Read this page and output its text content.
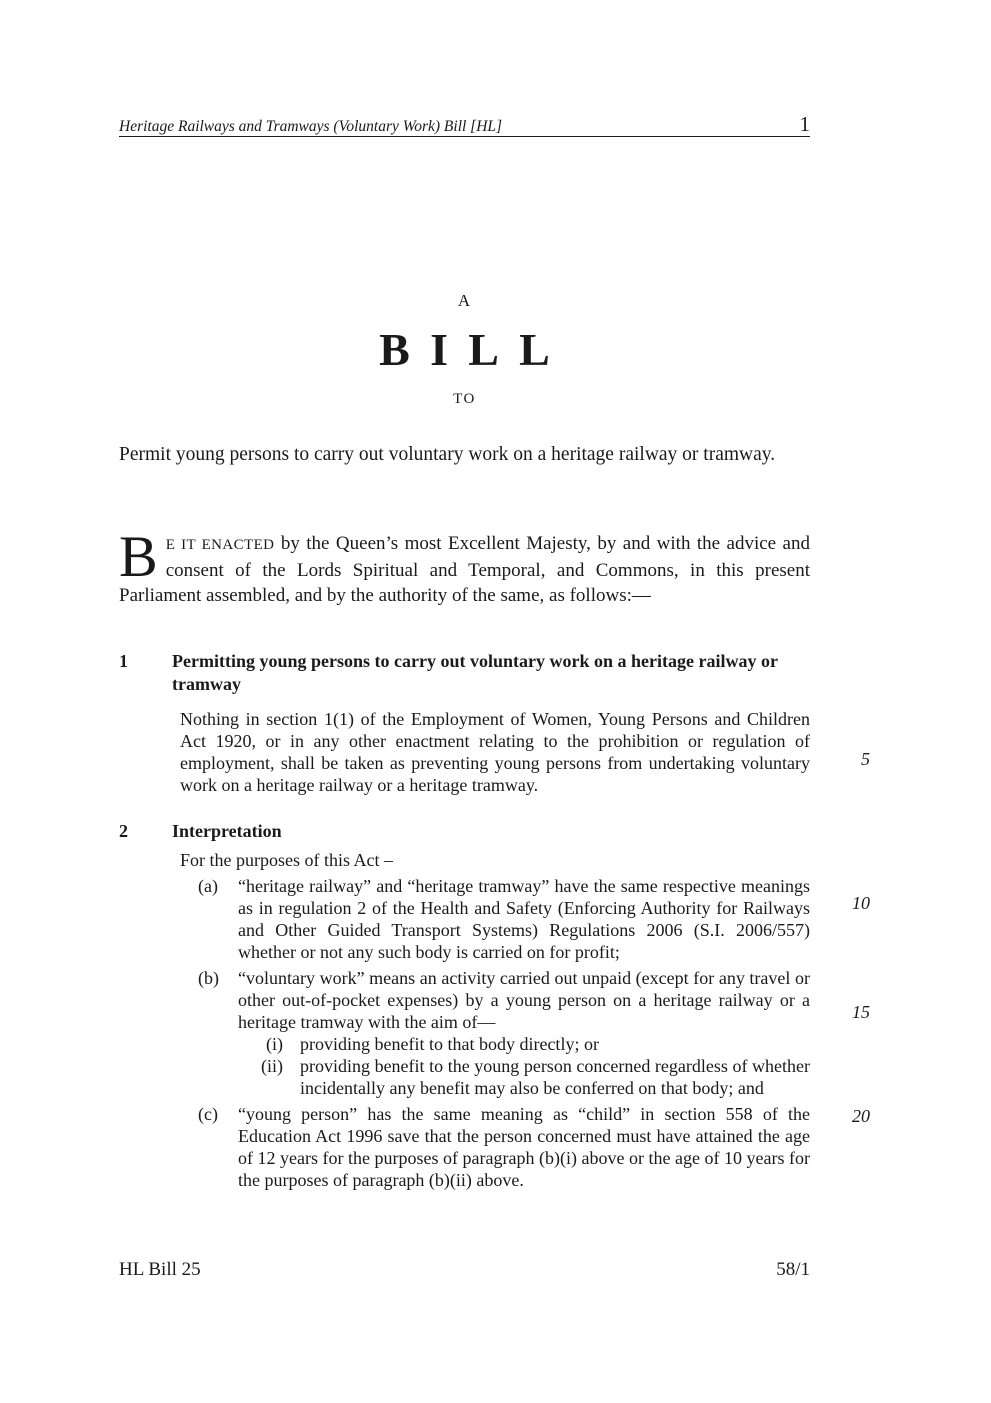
Heritage Railways and Tramways (Voluntary Work) Bill [HL]	1
A
BILL
TO
Permit young persons to carry out voluntary work on a heritage railway or tramway.
B E IT ENACTED by the Queen’s most Excellent Majesty, by and with the advice and consent of the Lords Spiritual and Temporal, and Commons, in this present Parliament assembled, and by the authority of the same, as follows:—
1	Permitting young persons to carry out voluntary work on a heritage railway or tramway
Nothing in section 1(1) of the Employment of Women, Young Persons and Children Act 1920, or in any other enactment relating to the prohibition or regulation of employment, shall be taken as preventing young persons from undertaking voluntary work on a heritage railway or a heritage tramway.
2	Interpretation
For the purposes of this Act –
(a)	“heritage railway” and “heritage tramway” have the same respective meanings as in regulation 2 of the Health and Safety (Enforcing Authority for Railways and Other Guided Transport Systems) Regulations 2006 (S.I. 2006/557) whether or not any such body is carried on for profit;
(b)	“voluntary work” means an activity carried out unpaid (except for any travel or other out-of-pocket expenses) by a young person on a heritage railway or a heritage tramway with the aim of—
(i) providing benefit to that body directly; or
(ii) providing benefit to the young person concerned regardless of whether incidentally any benefit may also be conferred on that body; and
(c)	“young person” has the same meaning as “child” in section 558 of the Education Act 1996 save that the person concerned must have attained the age of 12 years for the purposes of paragraph (b)(i) above or the age of 10 years for the purposes of paragraph (b)(ii) above.
5
10
15
20
HL Bill 25	58/1
